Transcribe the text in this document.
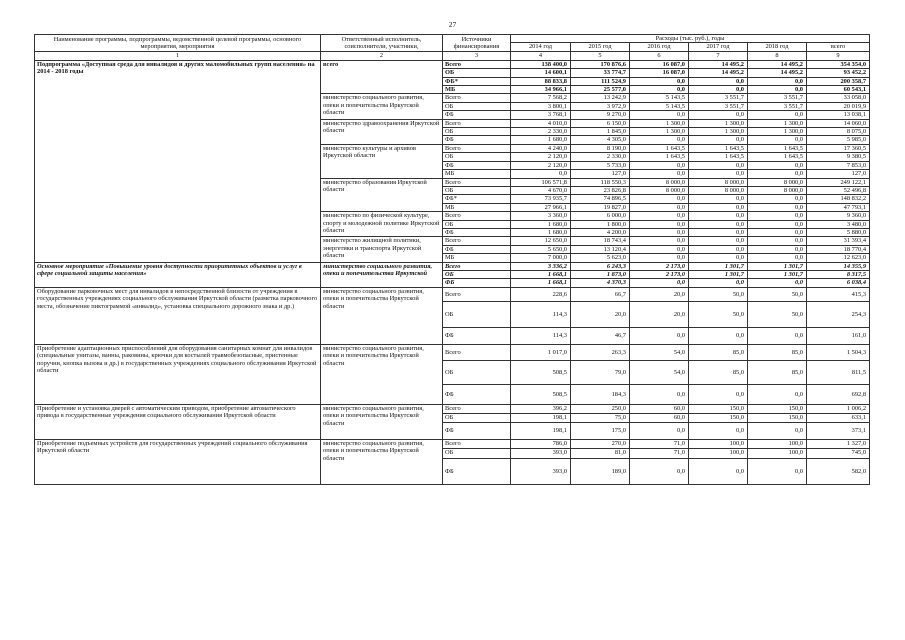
27
Наименование программы, подпрограммы, ведомственной целевой программы, основного мероприятия, мероприятия	Ответственный исполнитель, соисполнители, участники,	Источники финансирования	Расходы (тыс. руб.), годы					
			2014 год	2015 год	2016 год	2017 год	2018 год	всего
1	2	3	4	5	6	7	8	9
Подпрограмма «Доступная среда для инвалидов и других маломобильных групп населения» на 2014 - 2018 годы	всего	Всего	138 400,0	170 876,6	16 087,0	14 495,2	14 495,2	354 354,0
		ОБ	14 600,1	33 774,7	16 087,0	14 495,2	14 495,2	93 452,2
		ФБ*	88 833,8	111 524,9	0,0	0,0	0,0	200 358,7
		МБ	34 966,1	25 577,0	0,0	0,0	0,0	60 543,1
	министерство социального развития, опеки и попечительства Иркутской области	Всего	7 568,2	13 242,9	5 143,5	3 551,7	3 551,7	33 058,0
		ОБ	3 800,1	3 972,9	5 143,5	3 551,7	3 551,7	20 019,9
		ФБ	3 768,1	9 270,0	0,0	0,0	0,0	13 038,1
	министерство здравоохранения Иркутской области	Всего	4 010,0	6 150,0	1 300,0	1 300,0	1 300,0	14 060,0
		ОБ	2 330,0	1 845,0	1 300,0	1 300,0	1 300,0	8 075,0
		ФБ	1 680,0	4 305,0	0,0	0,0	0,0	5 985,0
	министерство культуры и архивов Иркутской области	Всего	4 240,0	8 190,0	1 643,5	1 643,5	1 643,5	17 360,5
		ОБ	2 120,0	2 330,0	1 643,5	1 643,5	1 643,5	9 380,5
		ФБ	2 120,0	5 733,0	0,0	0,0	0,0	7 853,0
		МБ	0,0	127,0	0,0	0,0	0,0	127,0
	министерство образования Иркутской области	Всего	106 571,8	118 550,3	8 000,0	8 000,0	8 000,0	249 122,1
		ОБ	4 670,0	23 826,8	8 000,0	8 000,0	8 000,0	52 496,8
		ФБ*	73 935,7	74 896,5	0,0	0,0	0,0	148 832,2
		МБ	27 966,1	19 827,0	0,0	0,0	0,0	47 793,1
	министерство по физической культуре, спорту и молодежной политике Иркутской области	Всего	3 360,0	6 000,0	0,0	0,0	0,0	9 360,0
		ОБ	1 680,0	1 800,0	0,0	0,0	0,0	3 480,0
		ФБ	1 680,0	4 200,0	0,0	0,0	0,0	5 880,0
	министерство жилищной политики, энергетики и транспорта Иркутской области	Всего	12 650,0	18 743,4	0,0	0,0	0,0	31 393,4
		ФБ	5 650,0	13 120,4	0,0	0,0	0,0	18 770,4
		МБ	7 000,0	5 623,0	0,0	0,0	0,0	12 623,0
Основное мероприятие «Повышение уровня доступности приоритетных объектов и услуг в сфере социальной защиты населения»	министерство социального развития, опеки и попечительства Иркутской	Всего	3 336,2	6 243,3	2 173,0	1 301,7	1 301,7	14 355,9
		ОБ	1 668,1	1 873,0	2 173,0	1 301,7	1 301,7	8 317,5
		ФБ	1 668,1	4 370,3	0,0	0,0	0,0	6 038,4
Оборудование парковочных мест для инвалидов в непосредственной близости от учреждения в государственных учреждениях социального обслуживания Иркутской области (разметка парковочного места, обозначение пиктограммой «инвалид», установка специального дорожного знака и др.)	министерство социального развития, опеки и попечительства Иркутской области	Всего	228,6	66,7	20,0	50,0	50,0	415,3
		ОБ	114,3	20,0	20,0	50,0	50,0	254,3
		ФБ	114,3	46,7	0,0	0,0	0,0	161,0
Приобретение адаптационных приспособлений для оборудования санитарных комнат для инвалидов (специальные унитазы, ванны, раковины, крючки для костылей травмобезопасные, пристенные поручни, кнопка вызова и др.) в государственных учреждениях социального обслуживания Иркутской области	министерство социального развития, опеки и попечительства Иркутской области	Всего	1 017,0	263,3	54,0	85,0	85,0	1 504,3
		ОБ	508,5	79,0	54,0	85,0	85,0	811,5
		ФБ	508,5	184,3	0,0	0,0	0,0	692,8
Приобретение и установка дверей с автоматическим приводом, приобретение автоматического привода в государственные учреждения социального обслуживания Иркутской области	министерство социального развития, опеки и попечительства Иркутской области	Всего	396,2	250,0	60,0	150,0	150,0	1 006,2
		ОБ	198,1	75,0	60,0	150,0	150,0	633,1
		ФБ	198,1	175,0	0,0	0,0	0,0	373,1
Приобретение подъемных устройств для государственных учреждений социального обслуживания Иркутской области	министерство социального развития, опеки и попечительства Иркутской области	Всего	786,0	270,0	71,0	100,0	100,0	1 327,0
		ОБ	393,0	81,0	71,0	100,0	100,0	745,0
		ФБ	393,0	189,0	0,0	0,0	0,0	582,0
